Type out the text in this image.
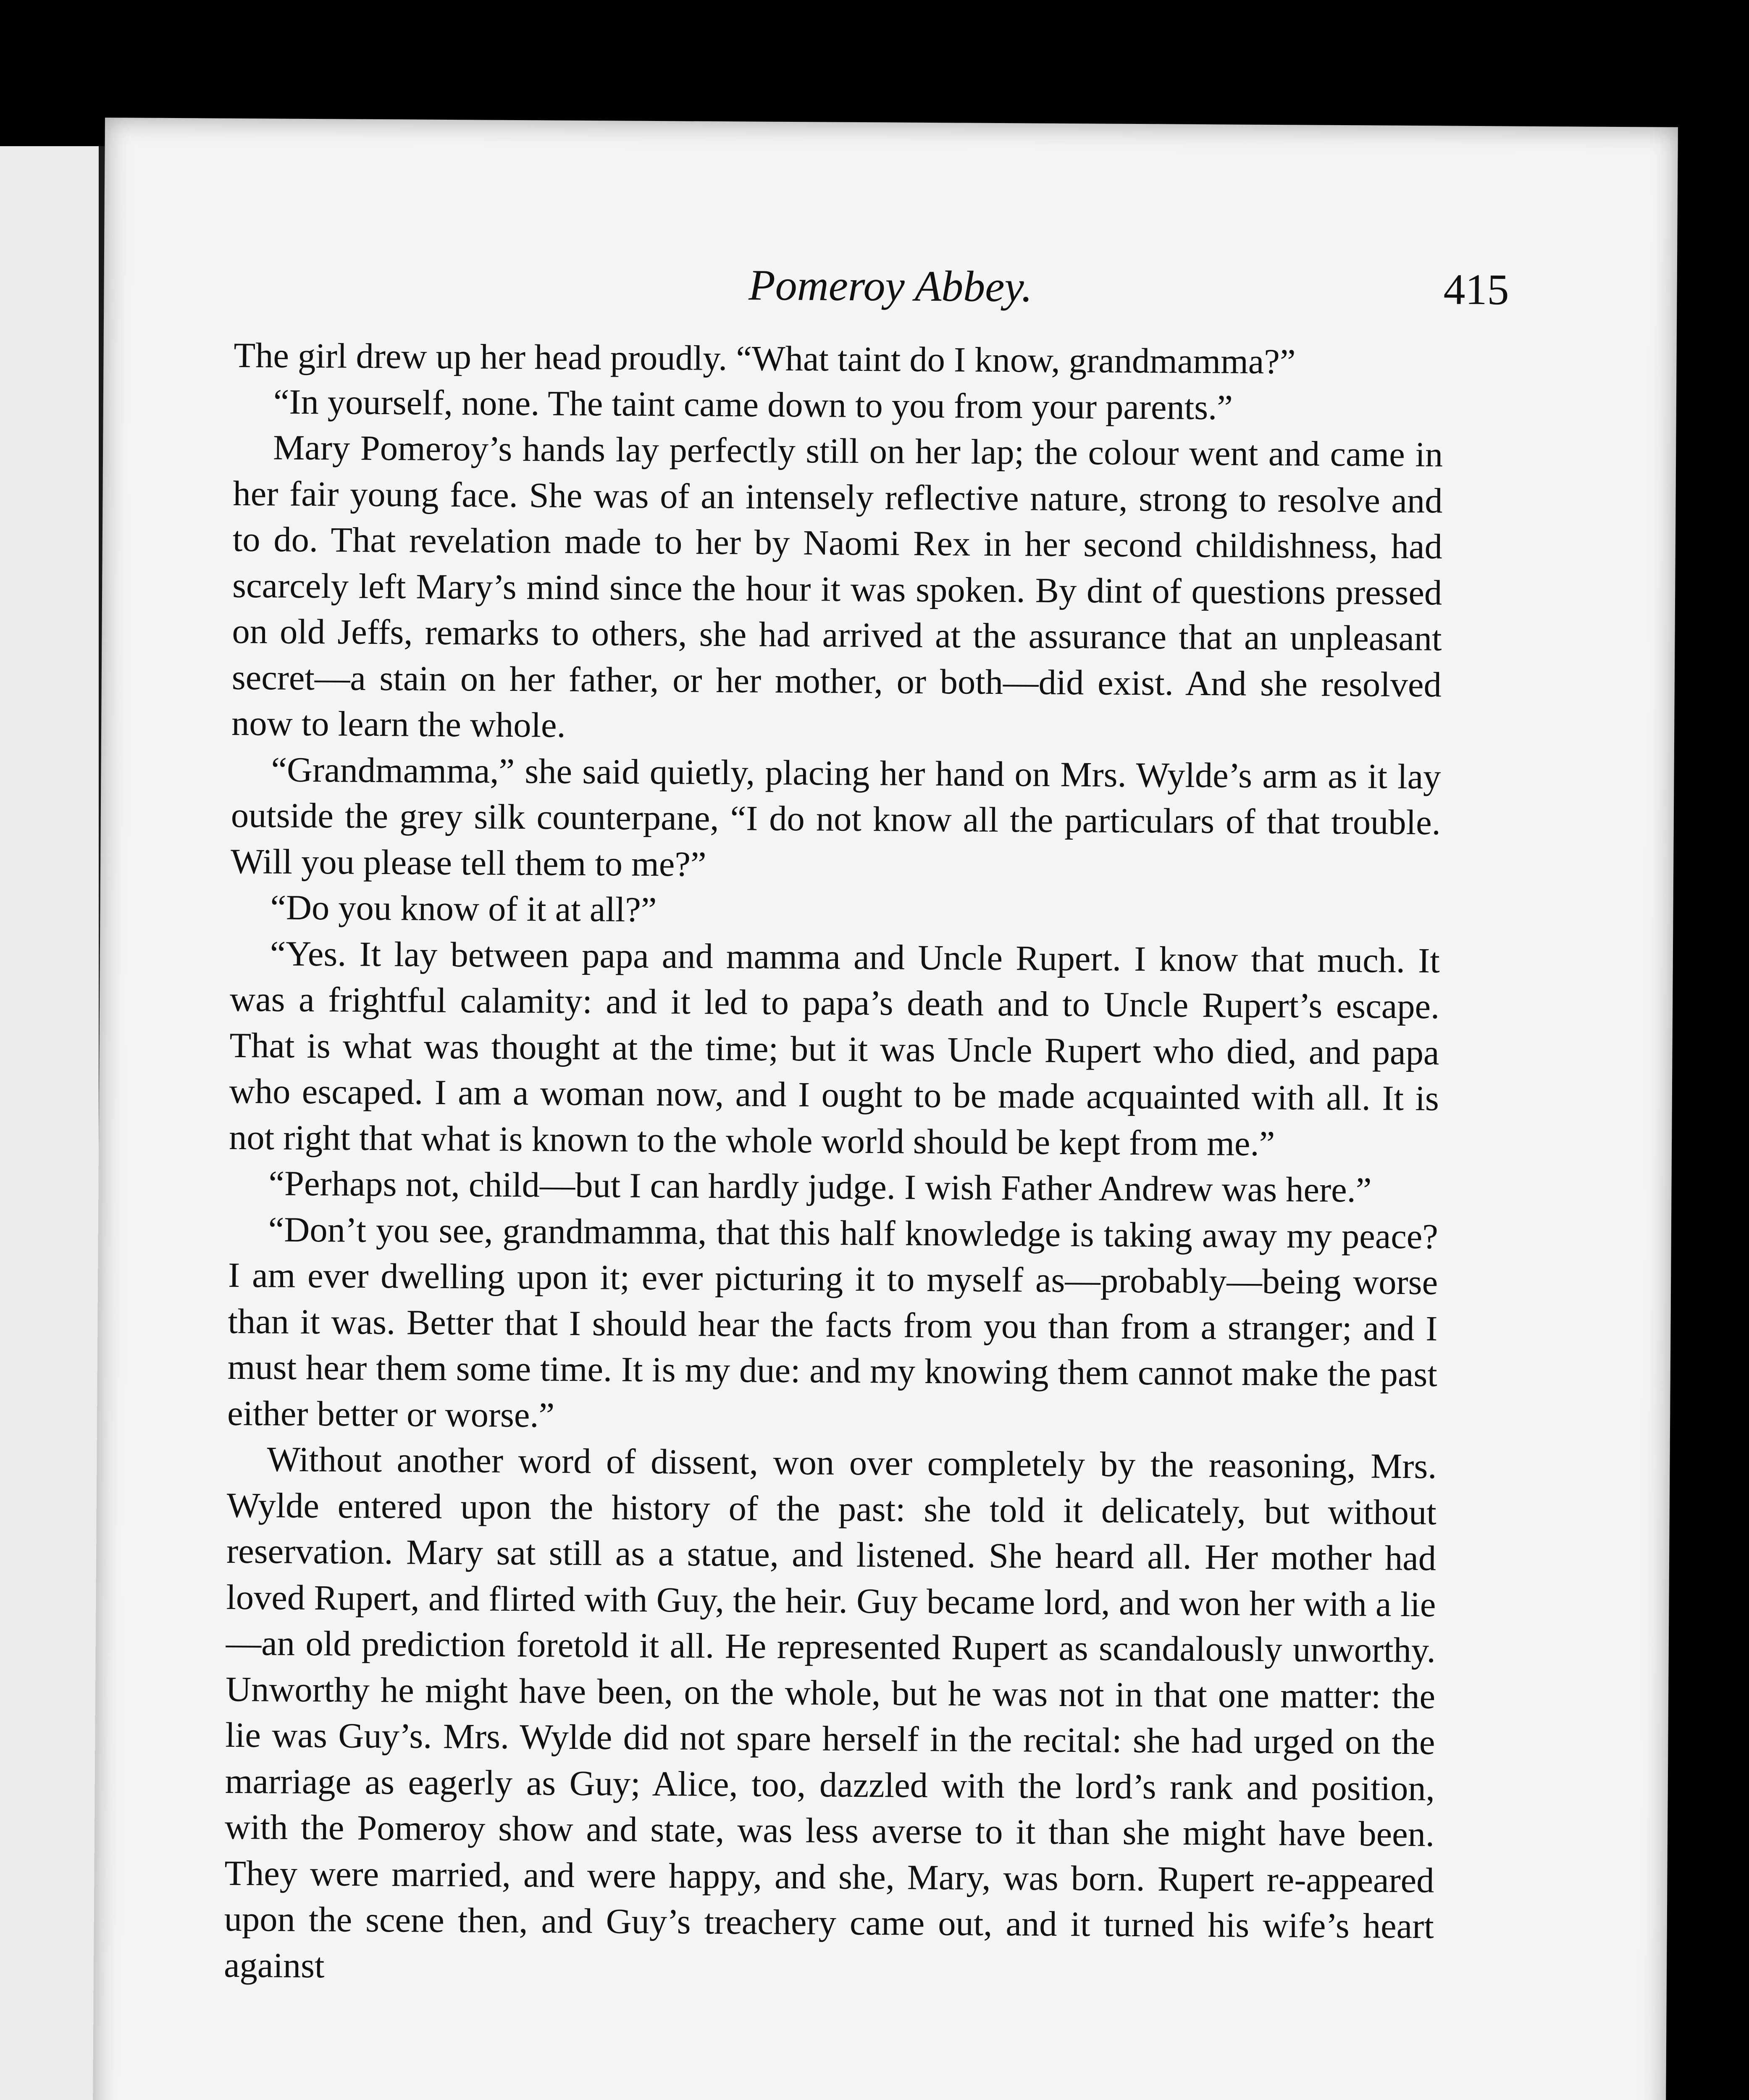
Pomeroy Abbey.	415

The girl drew up her head proudly. “What taint do I know, grandmamma?”

“In yourself, none. The taint came down to you from your parents.”

Mary Pomeroy’s hands lay perfectly still on her lap; the colour went and came in her fair young face. She was of an intensely reflective nature, strong to resolve and to do. That revelation made to her by Naomi Rex in her second childishness, had scarcely left Mary’s mind since the hour it was spoken. By dint of questions pressed on old Jeffs, remarks to others, she had arrived at the assurance that an unpleasant secret—a stain on her father, or her mother, or both—did exist. And she resolved now to learn the whole.

“Grandmamma,” she said quietly, placing her hand on Mrs. Wylde’s arm as it lay outside the grey silk counterpane, “I do not know all the particulars of that trouble. Will you please tell them to me?”

“Do you know of it at all?”

“Yes. It lay between papa and mamma and Uncle Rupert. I know that much. It was a frightful calamity: and it led to papa’s death and to Uncle Rupert’s escape. That is what was thought at the time; but it was Uncle Rupert who died, and papa who escaped. I am a woman now, and I ought to be made acquainted with all. It is not right that what is known to the whole world should be kept from me.”

“Perhaps not, child—but I can hardly judge. I wish Father Andrew was here.”

“Don’t you see, grandmamma, that this half knowledge is taking away my peace? I am ever dwelling upon it; ever picturing it to myself as—probably—being worse than it was. Better that I should hear the facts from you than from a stranger; and I must hear them some time. It is my due: and my knowing them cannot make the past either better or worse.”

Without another word of dissent, won over completely by the reasoning, Mrs. Wylde entered upon the history of the past: she told it delicately, but without reservation. Mary sat still as a statue, and listened. She heard all. Her mother had loved Rupert, and flirted with Guy, the heir. Guy became lord, and won her with a lie—an old prediction foretold it all. He represented Rupert as scandalously unworthy. Unworthy he might have been, on the whole, but he was not in that one matter: the lie was Guy’s. Mrs. Wylde did not spare herself in the recital: she had urged on the marriage as eagerly as Guy; Alice, too, dazzled with the lord’s rank and position, with the Pomeroy show and state, was less averse to it than she might have been. They were married, and were happy, and she, Mary, was born. Rupert re-appeared upon the scene then, and Guy’s treachery came out, and it turned his wife’s heart against
